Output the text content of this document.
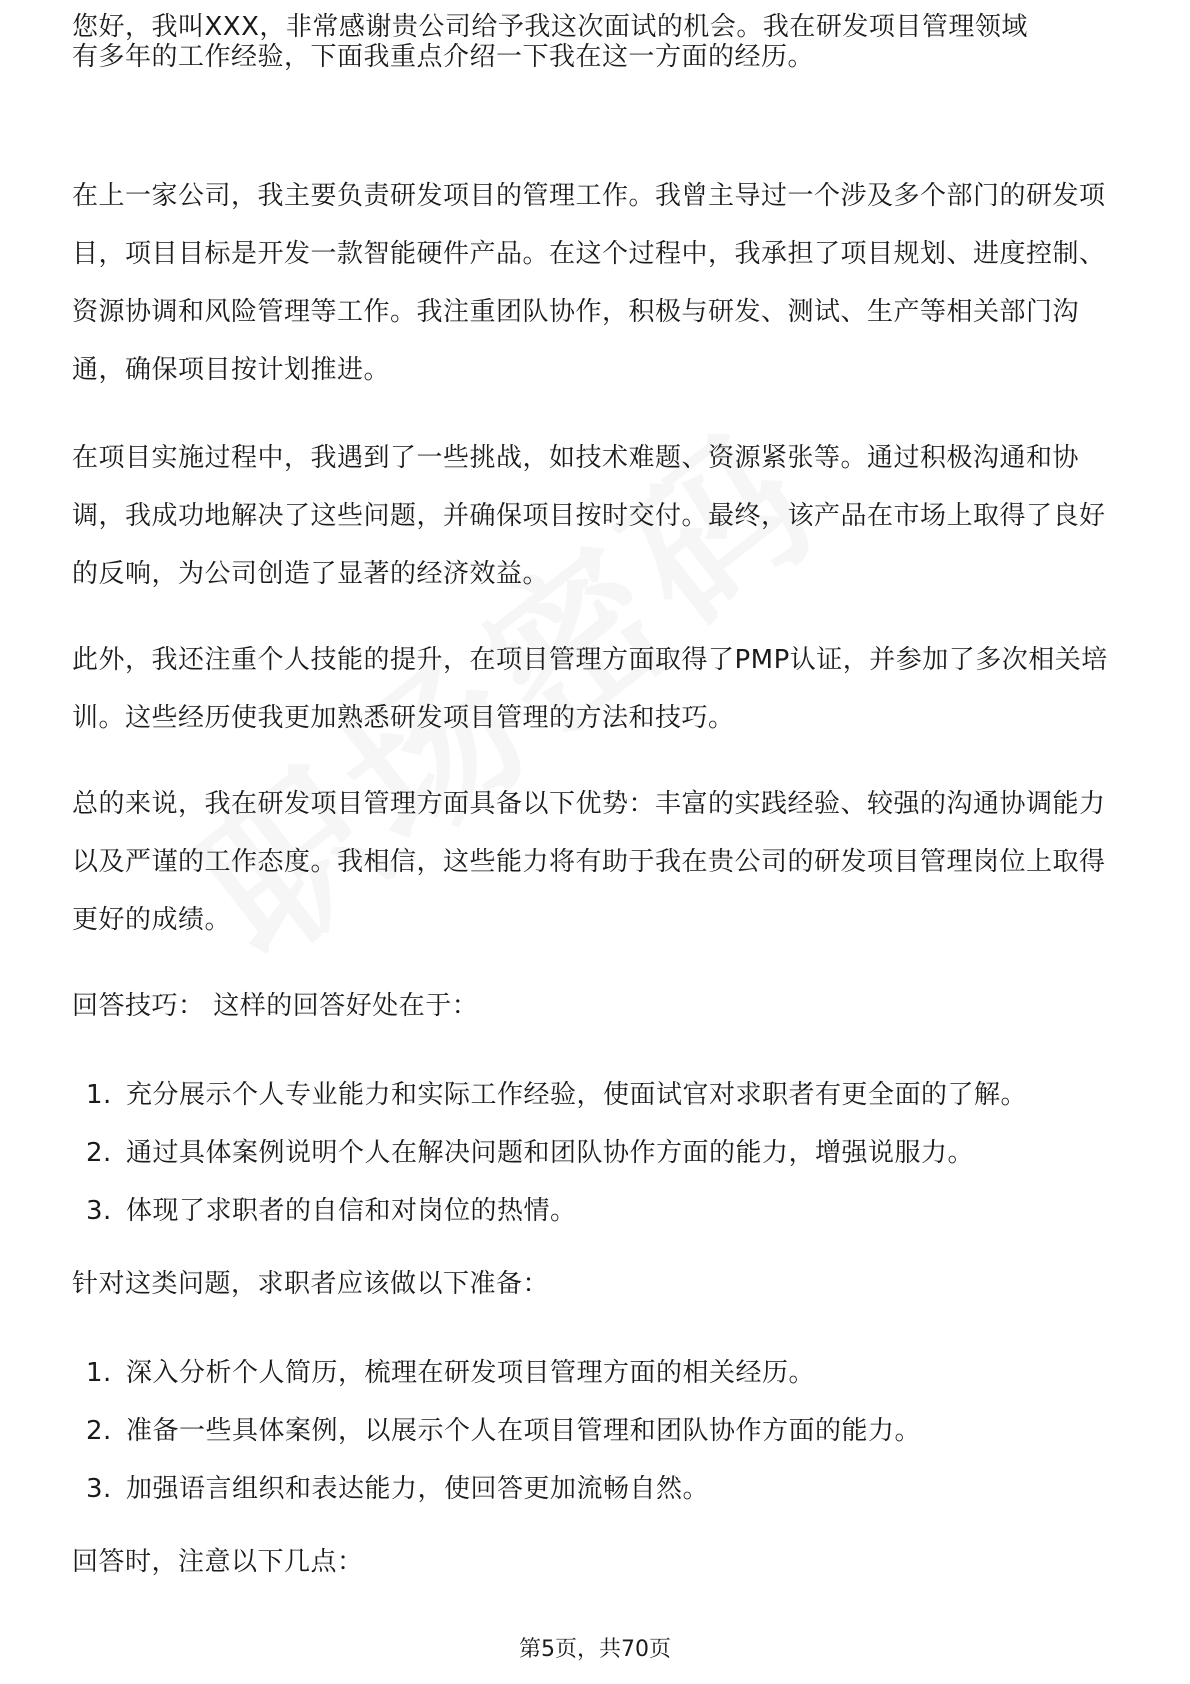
您好，我叫XXX，非常感谢贵公司给予我这次面试的机会。我在研发项目管理领域

有多年的工作经验，下面我重点介绍一下我在这一方面的经历。

在上一家公司，我主要负责研发项目的管理工作。我曾主导过一个涉及多个部门的研发项目，项目目标是开发一款智能硬件产品。在这个过程中，我承担了项目规划、进度控制、资源协调和风险管理等工作。我注重团队协作，积极与研发、测试、生产等相关部门沟通，确保项目按计划推进。

在项目实施过程中，我遇到了一些挑战，如技术难题、资源紧张等。通过积极沟通和协调，我成功地解决了这些问题，并确保项目按时交付。最终，该产品在市场上取得了良好的反响，为公司创造了显著的经济效益。

此外，我还注重个人技能的提升，在项目管理方面取得了PMP认证，并参加了多次相关培训。这些经历使我更加熟悉研发项目管理的方法和技巧。

总的来说，我在研发项目管理方面具备以下优势：丰富的实践经验、较强的沟通协调能力以及严谨的工作态度。我相信，这些能力将有助于我在贵公司的研发项目管理岗位上取得更好的成绩。

回答技巧： 这样的回答好处在于：

1. 充分展示个人专业能力和实际工作经验，使面试官对求职者有更全面的了解。
2. 通过具体案例说明个人在解决问题和团队协作方面的能力，增强说服力。
3. 体现了求职者的自信和对岗位的热情。

针对这类问题，求职者应该做以下准备：

1. 深入分析个人简历，梳理在研发项目管理方面的相关经历。
2. 准备一些具体案例，以展示个人在项目管理和团队协作方面的能力。
3. 加强语言组织和表达能力，使回答更加流畅自然。

回答时，注意以下几点：

第5页，共70页
